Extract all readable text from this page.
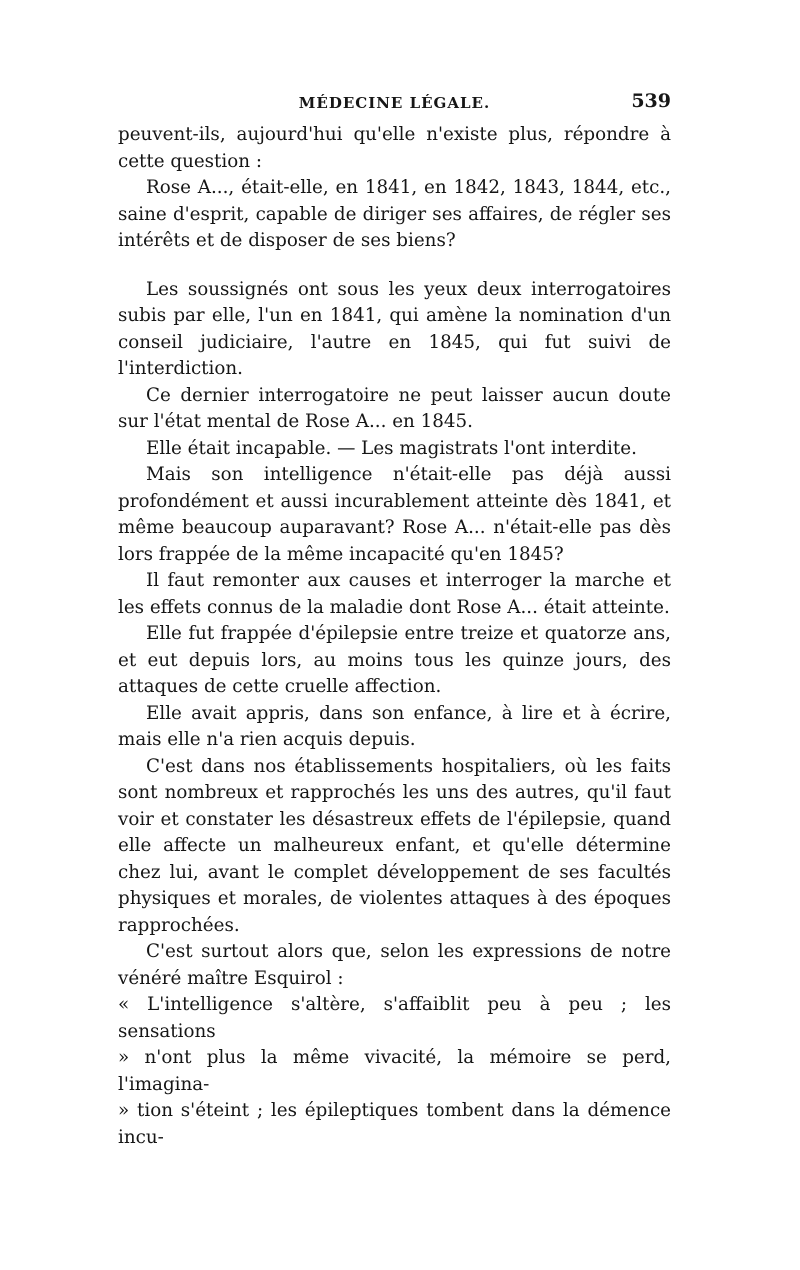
MÉDECINE LÉGALE.	539

peuvent-ils, aujourd'hui qu'elle n'existe plus, répondre à cette question :

Rose A..., était-elle, en 1841, en 1842, 1843, 1844, etc., saine d'esprit, capable de diriger ses affaires, de régler ses intérêts et de disposer de ses biens?

Les soussignés ont sous les yeux deux interrogatoires subis par elle, l'un en 1841, qui amène la nomination d'un conseil judiciaire, l'autre en 1845, qui fut suivi de l'interdiction.

Ce dernier interrogatoire ne peut laisser aucun doute sur l'état mental de Rose A... en 1845.

Elle était incapable. — Les magistrats l'ont interdite.

Mais son intelligence n'était-elle pas déjà aussi profondément et aussi incurablement atteinte dès 1841, et même beaucoup auparavant? Rose A... n'était-elle pas dès lors frappée de la même incapacité qu'en 1845?

Il faut remonter aux causes et interroger la marche et les effets connus de la maladie dont Rose A... était atteinte.

Elle fut frappée d'épilepsie entre treize et quatorze ans, et eut depuis lors, au moins tous les quinze jours, des attaques de cette cruelle affection.

Elle avait appris, dans son enfance, à lire et à écrire, mais elle n'a rien acquis depuis.

C'est dans nos établissements hospitaliers, où les faits sont nombreux et rapprochés les uns des autres, qu'il faut voir et constater les désastreux effets de l'épilepsie, quand elle affecte un malheureux enfant, et qu'elle détermine chez lui, avant le complet développement de ses facultés physiques et morales, de violentes attaques à des époques rapprochées.

C'est surtout alors que, selon les expressions de notre vénéré maître Esquirol :

« L'intelligence s'altère, s'affaiblit peu à peu ; les sensations
» n'ont plus la même vivacité, la mémoire se perd, l'imagina-
» tion s'éteint ; les épileptiques tombent dans la démence incu-
